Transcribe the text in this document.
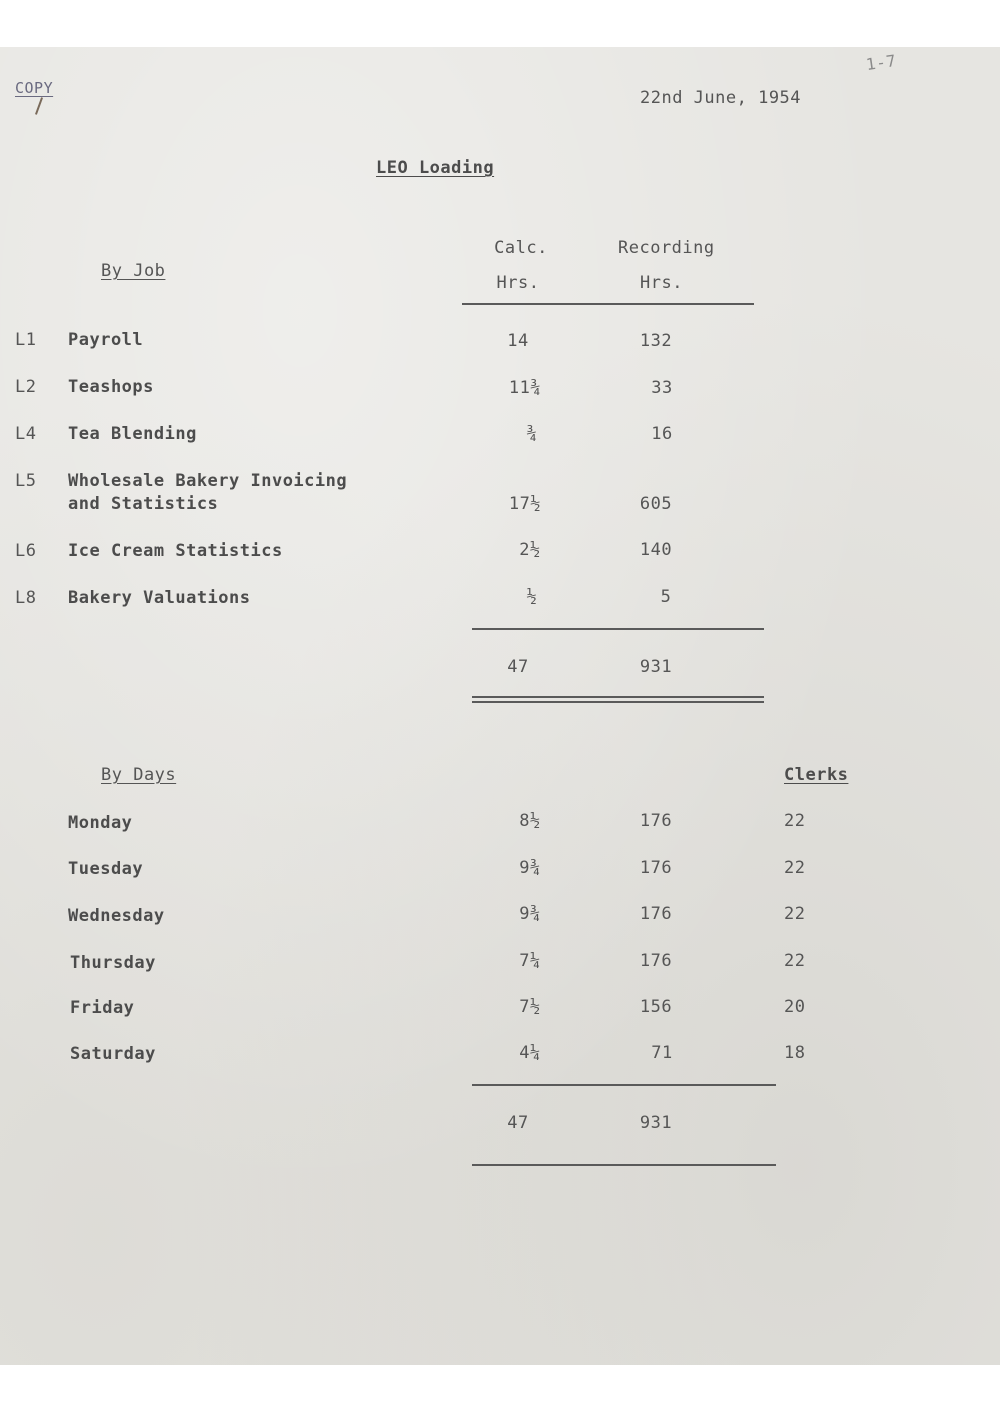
COPY
1-7
22nd June, 1954
LEO Loading
By Job
Calc.
Hrs.
Recording
Hrs.
L1 Payroll	14	132
L2 Teashops	11¾	33
L4 Tea Blending	¾	16
L5 Wholesale Bakery Invoicing
and Statistics	17½	605
L6 Ice Cream Statistics	2½	140
L8 Bakery Valuations	½	5
47	931
By Days	Clerks
Monday	8½	176	22
Tuesday	9¾	176	22
Wednesday	9¾	176	22
Thursday	7¼	176	22
Friday	7½	156	20
Saturday	4¼	71	18
47	931
